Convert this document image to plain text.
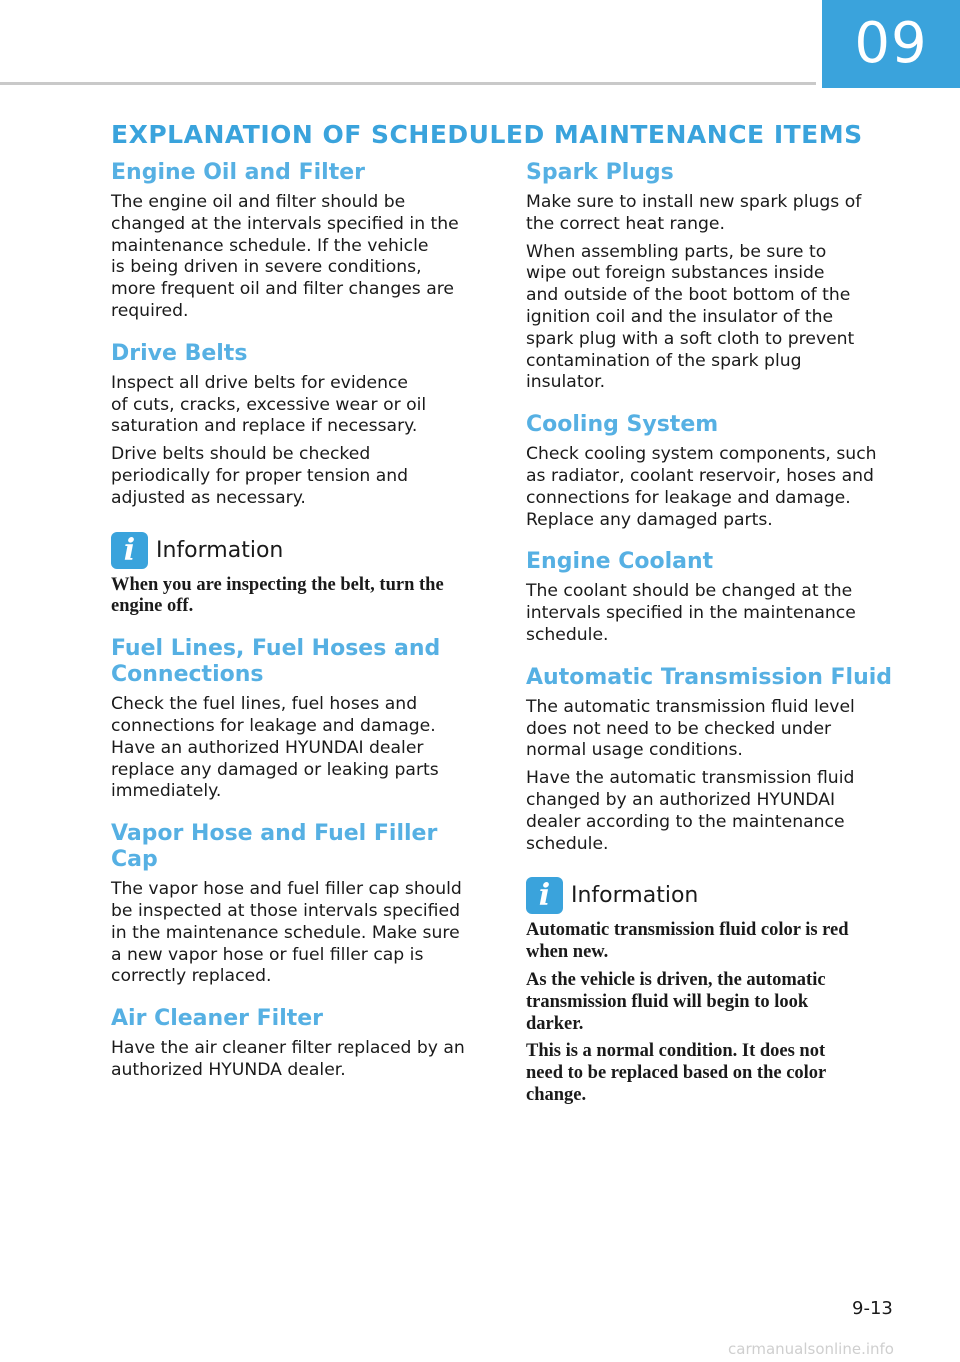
09
EXPLANATION OF SCHEDULED MAINTENANCE ITEMS
Engine Oil and Filter
The engine oil and filter should be
changed at the intervals specified in the
maintenance schedule. If the vehicle
is being driven in severe conditions,
more frequent oil and filter changes are
required.
Drive Belts
Inspect all drive belts for evidence
of cuts, cracks, excessive wear or oil
saturation and replace if necessary.
Drive belts should be checked
periodically for proper tension and
adjusted as necessary.
i Information
When you are inspecting the belt, turn the
engine off.
Fuel Lines, Fuel Hoses and
Connections
Check the fuel lines, fuel hoses and
connections for leakage and damage.
Have an authorized HYUNDAI dealer
replace any damaged or leaking parts
immediately.
Vapor Hose and Fuel Filler Cap
The vapor hose and fuel filler cap should
be inspected at those intervals specified
in the maintenance schedule. Make sure
a new vapor hose or fuel filler cap is
correctly replaced.
Air Cleaner Filter
Have the air cleaner filter replaced by an
authorized HYUNDA dealer.
Spark Plugs
Make sure to install new spark plugs of
the correct heat range.
When assembling parts, be sure to
wipe out foreign substances inside
and outside of the boot bottom of the
ignition coil and the insulator of the
spark plug with a soft cloth to prevent
contamination of the spark plug
insulator.
Cooling System
Check cooling system components, such
as radiator, coolant reservoir, hoses and
connections for leakage and damage.
Replace any damaged parts.
Engine Coolant
The coolant should be changed at the
intervals specified in the maintenance
schedule.
Automatic Transmission Fluid
The automatic transmission fluid level
does not need to be checked under
normal usage conditions.
Have the automatic transmission fluid
changed by an authorized HYUNDAI
dealer according to the maintenance
schedule.
i Information
Automatic transmission fluid color is red
when new.
As the vehicle is driven, the automatic
transmission fluid will begin to look
darker.
This is a normal condition. It does not
need to be replaced based on the color
change.
9-13
carmanualsonline.info
